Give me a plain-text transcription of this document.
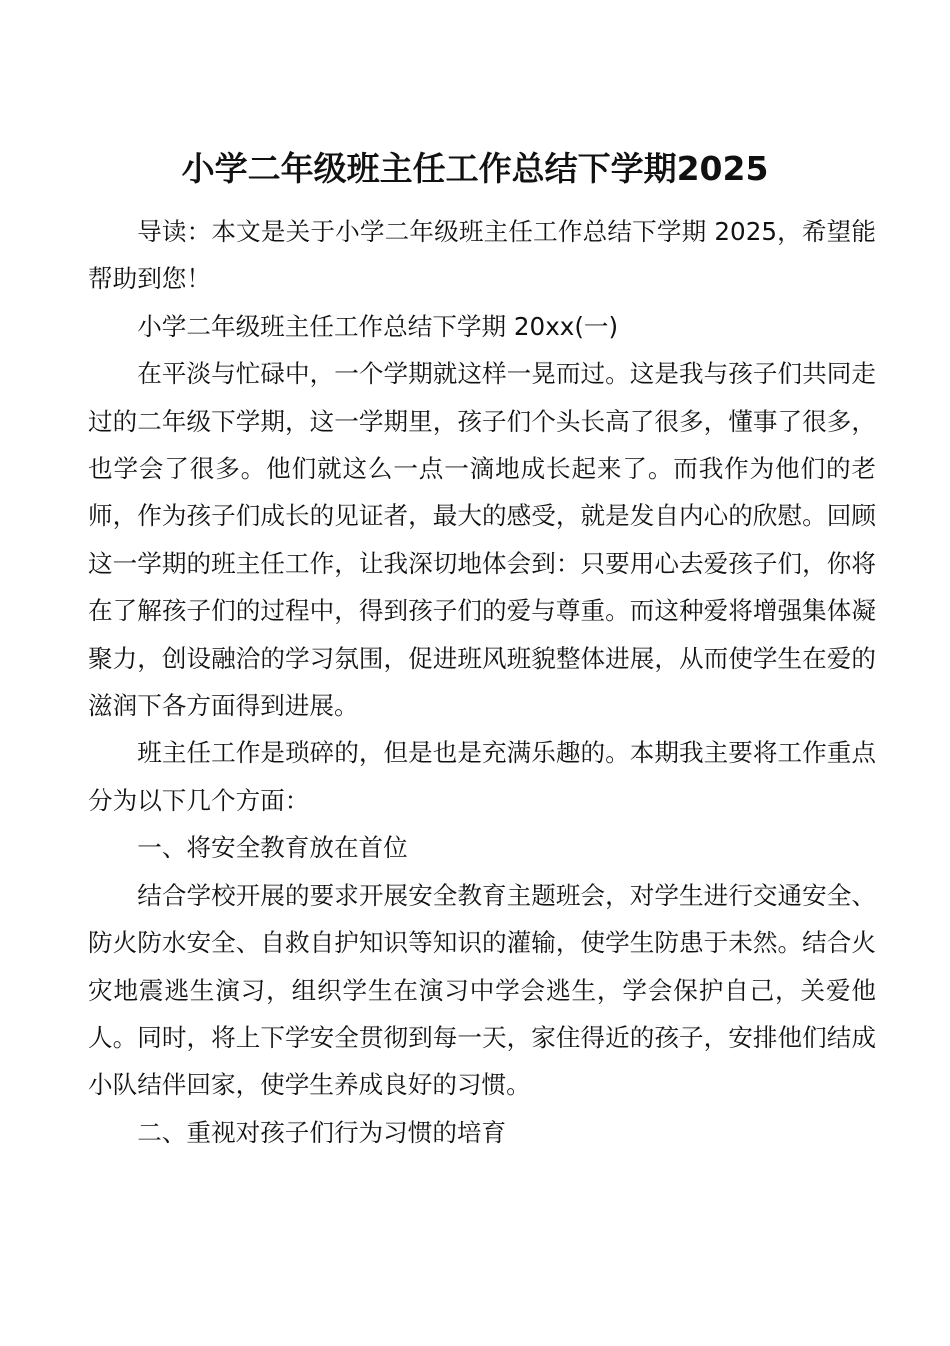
小学二年级班主任工作总结下学期2025

导读：本文是关于小学二年级班主任工作总结下学期 2025，希望能帮助到您！

小学二年级班主任工作总结下学期 20xx(一)

在平淡与忙碌中，一个学期就这样一晃而过。这是我与孩子们共同走过的二年级下学期，这一学期里，孩子们个头长高了很多，懂事了很多，也学会了很多。他们就这么一点一滴地成长起来了。而我作为他们的老师，作为孩子们成长的见证者，最大的感受，就是发自内心的欣慰。回顾这一学期的班主任工作，让我深切地体会到：只要用心去爱孩子们，你将在了解孩子们的过程中，得到孩子们的爱与尊重。而这种爱将增强集体凝聚力，创设融洽的学习氛围，促进班风班貌整体进展，从而使学生在爱的滋润下各方面得到进展。

班主任工作是琐碎的，但是也是充满乐趣的。本期我主要将工作重点分为以下几个方面：

一、将安全教育放在首位

结合学校开展的要求开展安全教育主题班会，对学生进行交通安全、防火防水安全、自救自护知识等知识的灌输，使学生防患于未然。结合火灾地震逃生演习，组织学生在演习中学会逃生，学会保护自己，关爱他人。同时，将上下学安全贯彻到每一天，家住得近的孩子，安排他们结成小队结伴回家，使学生养成良好的习惯。

二、重视对孩子们行为习惯的培育
